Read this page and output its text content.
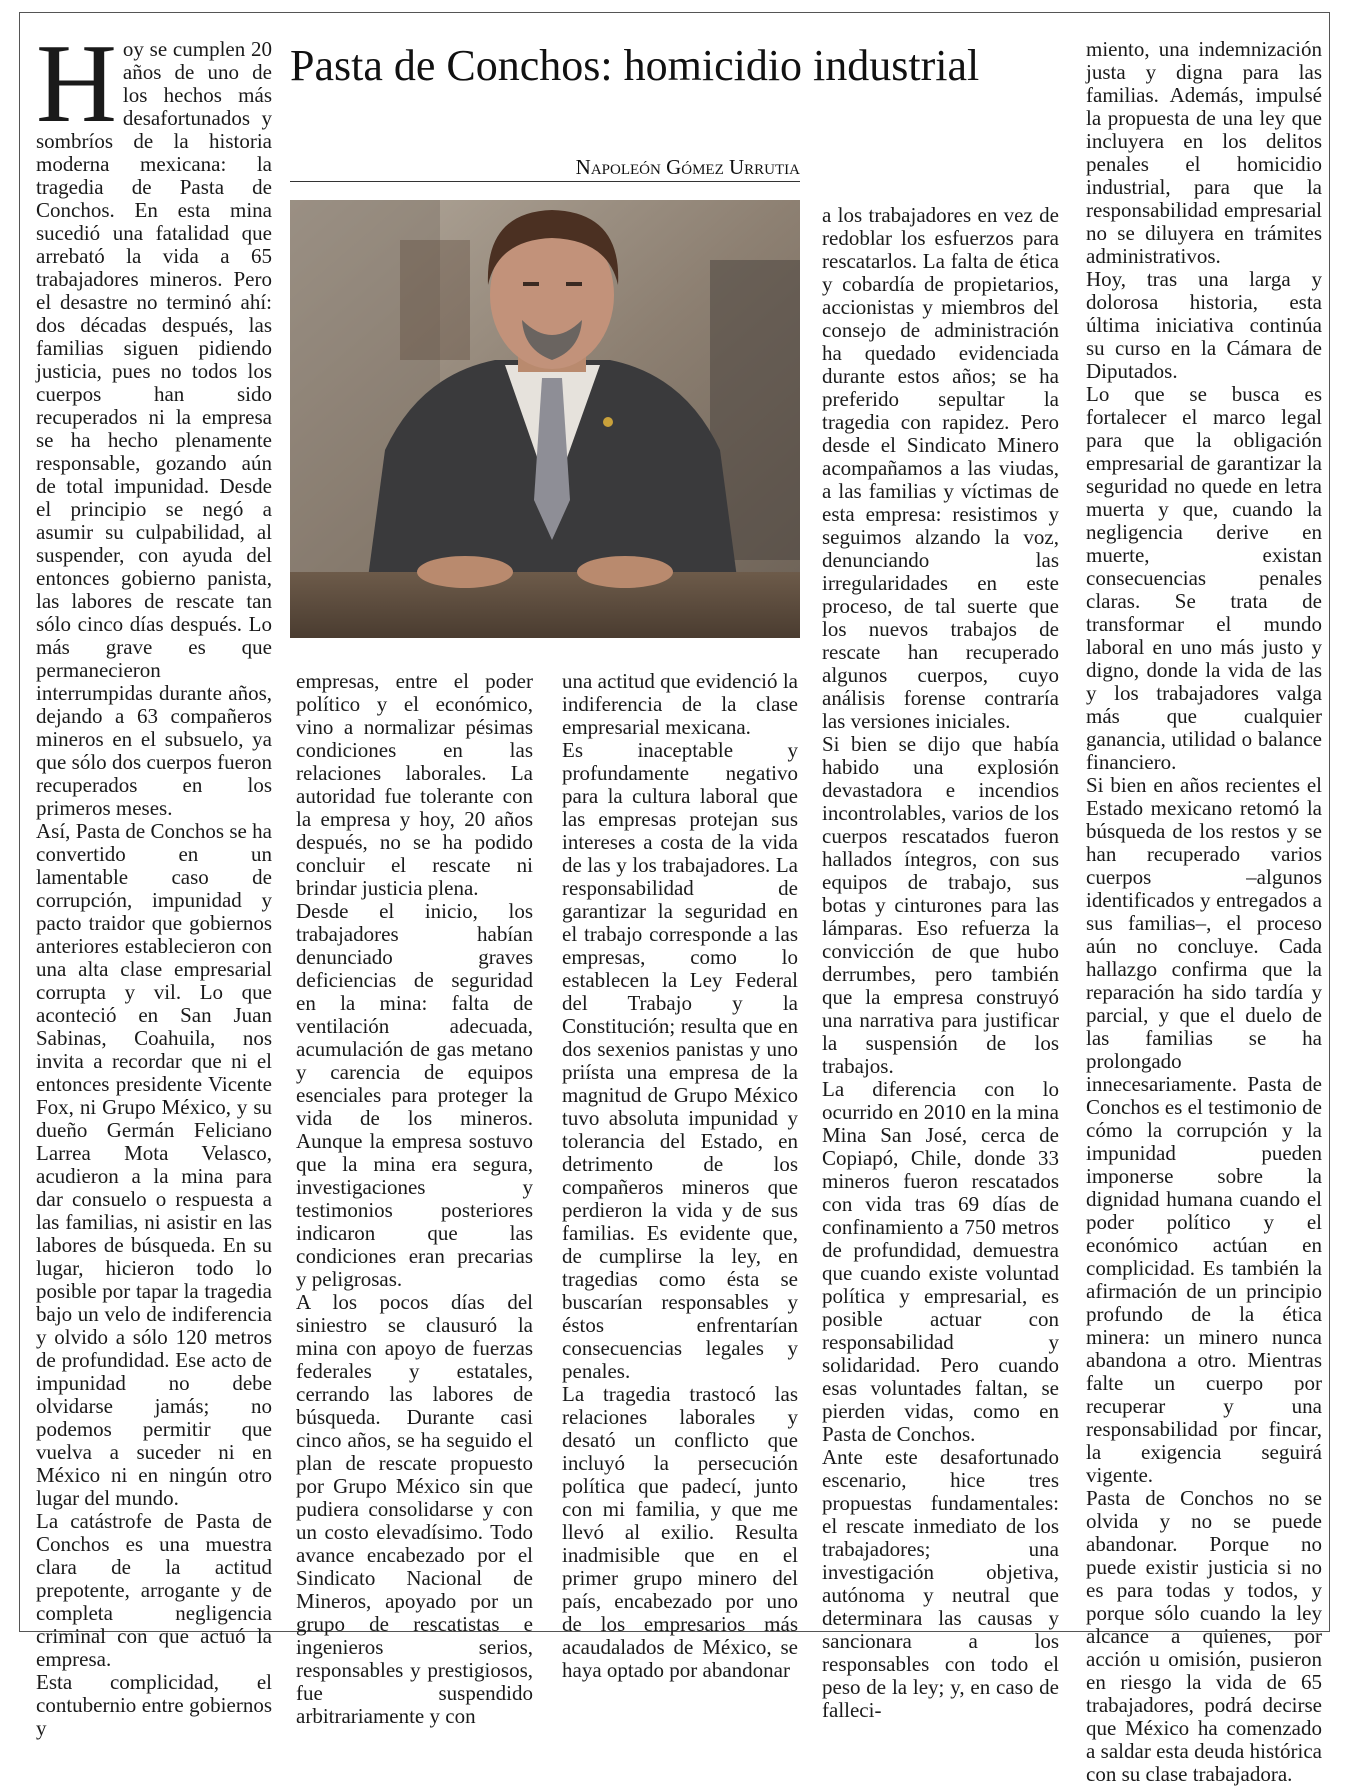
Pasta de Conchos: homicidio industrial
Napoleón Gómez Urrutia

Hoy se cumplen 20 años de uno de los hechos más desafortunados y sombríos de la historia moderna mexicana: la tragedia de Pasta de Conchos. En esta mina sucedió una fatalidad que arrebató la vida a 65 trabajadores mineros. Pero el desastre no terminó ahí: dos décadas después, las familias siguen pidiendo justicia, pues no todos los cuerpos han sido recuperados ni la empresa se ha hecho plenamente responsable, gozando aún de total impunidad. Desde el principio se negó a asumir su culpabilidad, al suspender, con ayuda del entonces gobierno panista, las labores de rescate tan sólo cinco días después. Lo más grave es que permanecieron interrumpidas durante años, dejando a 63 compañeros mineros en el subsuelo, ya que sólo dos cuerpos fueron recuperados en los primeros meses.

Así, Pasta de Conchos se ha convertido en un lamentable caso de corrupción, impunidad y pacto traidor que gobiernos anteriores establecieron con una alta clase empresarial corrupta y vil. Lo que aconteció en San Juan Sabinas, Coahuila, nos invita a recordar que ni el entonces presidente Vicente Fox, ni Grupo México, y su dueño Germán Feliciano Larrea Mota Velasco, acudieron a la mina para dar consuelo o respuesta a las familias, ni asistir en las labores de búsqueda. En su lugar, hicieron todo lo posible por tapar la tragedia bajo un velo de indiferencia y olvido a sólo 120 metros de profundidad. Ese acto de impunidad no debe olvidarse jamás; no podemos permitir que vuelva a suceder ni en México ni en ningún otro lugar del mundo.

La catástrofe de Pasta de Conchos es una muestra clara de la actitud prepotente, arrogante y de completa negligencia criminal con que actuó la empresa.

Esta complicidad, el contubernio entre gobiernos y

empresas, entre el poder político y el económico, vino a normalizar pésimas condiciones en las relaciones laborales. La autoridad fue tolerante con la empresa y hoy, 20 años después, no se ha podido concluir el rescate ni brindar justicia plena.

Desde el inicio, los trabajadores habían denunciado graves deficiencias de seguridad en la mina: falta de ventilación adecuada, acumulación de gas metano y carencia de equipos esenciales para proteger la vida de los mineros. Aunque la empresa sostuvo que la mina era segura, investigaciones y testimonios posteriores indicaron que las condiciones eran precarias y peligrosas.

A los pocos días del siniestro se clausuró la mina con apoyo de fuerzas federales y estatales, cerrando las labores de búsqueda. Durante casi cinco años, se ha seguido el plan de rescate propuesto por Grupo México sin que pudiera consolidarse y con un costo elevadísimo. Todo avance encabezado por el Sindicato Nacional de Mineros, apoyado por un grupo de rescatistas e ingenieros serios, responsables y prestigiosos, fue suspendido arbitrariamente y con

una actitud que evidenció la indiferencia de la clase empresarial mexicana.

Es inaceptable y profundamente negativo para la cultura laboral que las empresas protejan sus intereses a costa de la vida de las y los trabajadores. La responsabilidad de garantizar la seguridad en el trabajo corresponde a las empresas, como lo establecen la Ley Federal del Trabajo y la Constitución; resulta que en dos sexenios panistas y uno priísta una empresa de la magnitud de Grupo México tuvo absoluta impunidad y tolerancia del Estado, en detrimento de los compañeros mineros que perdieron la vida y de sus familias. Es evidente que, de cumplirse la ley, en tragedias como ésta se buscarían responsables y éstos enfrentarían consecuencias legales y penales.

La tragedia trastocó las relaciones laborales y desató un conflicto que incluyó la persecución política que padecí, junto con mi familia, y que me llevó al exilio. Resulta inadmisible que en el primer grupo minero del país, encabezado por uno de los empresarios más acaudalados de México, se haya optado por abandonar

a los trabajadores en vez de redoblar los esfuerzos para rescatarlos. La falta de ética y cobardía de propietarios, accionistas y miembros del consejo de administración ha quedado evidenciada durante estos años; se ha preferido sepultar la tragedia con rapidez. Pero desde el Sindicato Minero acompañamos a las viudas, a las familias y víctimas de esta empresa: resistimos y seguimos alzando la voz, denunciando las irregularidades en este proceso, de tal suerte que los nuevos trabajos de rescate han recuperado algunos cuerpos, cuyo análisis forense contraría las versiones iniciales.

Si bien se dijo que había habido una explosión devastadora e incendios incontrolables, varios de los cuerpos rescatados fueron hallados íntegros, con sus equipos de trabajo, sus botas y cinturones para las lámparas. Eso refuerza la convicción de que hubo derrumbes, pero también que la empresa construyó una narrativa para justificar la suspensión de los trabajos.

La diferencia con lo ocurrido en 2010 en la mina Mina San José, cerca de Copiapó, Chile, donde 33 mineros fueron rescatados con vida tras 69 días de confinamiento a 750 metros de profundidad, demuestra que cuando existe voluntad política y empresarial, es posible actuar con responsabilidad y solidaridad. Pero cuando esas voluntades faltan, se pierden vidas, como en Pasta de Conchos.

Ante este desafortunado escenario, hice tres propuestas fundamentales: el rescate inmediato de los trabajadores; una investigación objetiva, autónoma y neutral que determinara las causas y sancionara a los responsables con todo el peso de la ley; y, en caso de falleci-

miento, una indemnización justa y digna para las familias. Además, impulsé la propuesta de una ley que incluyera en los delitos penales el homicidio industrial, para que la responsabilidad empresarial no se diluyera en trámites administrativos.

Hoy, tras una larga y dolorosa historia, esta última iniciativa continúa su curso en la Cámara de Diputados.

Lo que se busca es fortalecer el marco legal para que la obligación empresarial de garantizar la seguridad no quede en letra muerta y que, cuando la negligencia derive en muerte, existan consecuencias penales claras. Se trata de transformar el mundo laboral en uno más justo y digno, donde la vida de las y los trabajadores valga más que cualquier ganancia, utilidad o balance financiero.

Si bien en años recientes el Estado mexicano retomó la búsqueda de los restos y se han recuperado varios cuerpos –algunos identificados y entregados a sus familias–, el proceso aún no concluye. Cada hallazgo confirma que la reparación ha sido tardía y parcial, y que el duelo de las familias se ha prolongado innecesariamente. Pasta de Conchos es el testimonio de cómo la corrupción y la impunidad pueden imponerse sobre la dignidad humana cuando el poder político y el económico actúan en complicidad. Es también la afirmación de un principio profundo de la ética minera: un minero nunca abandona a otro. Mientras falte un cuerpo por recuperar y una responsabilidad por fincar, la exigencia seguirá vigente.

Pasta de Conchos no se olvida y no se puede abandonar. Porque no puede existir justicia si no es para todas y todos, y porque sólo cuando la ley alcance a quienes, por acción u omisión, pusieron en riesgo la vida de 65 trabajadores, podrá decirse que México ha comenzado a saldar esta deuda histórica con su clase trabajadora.
